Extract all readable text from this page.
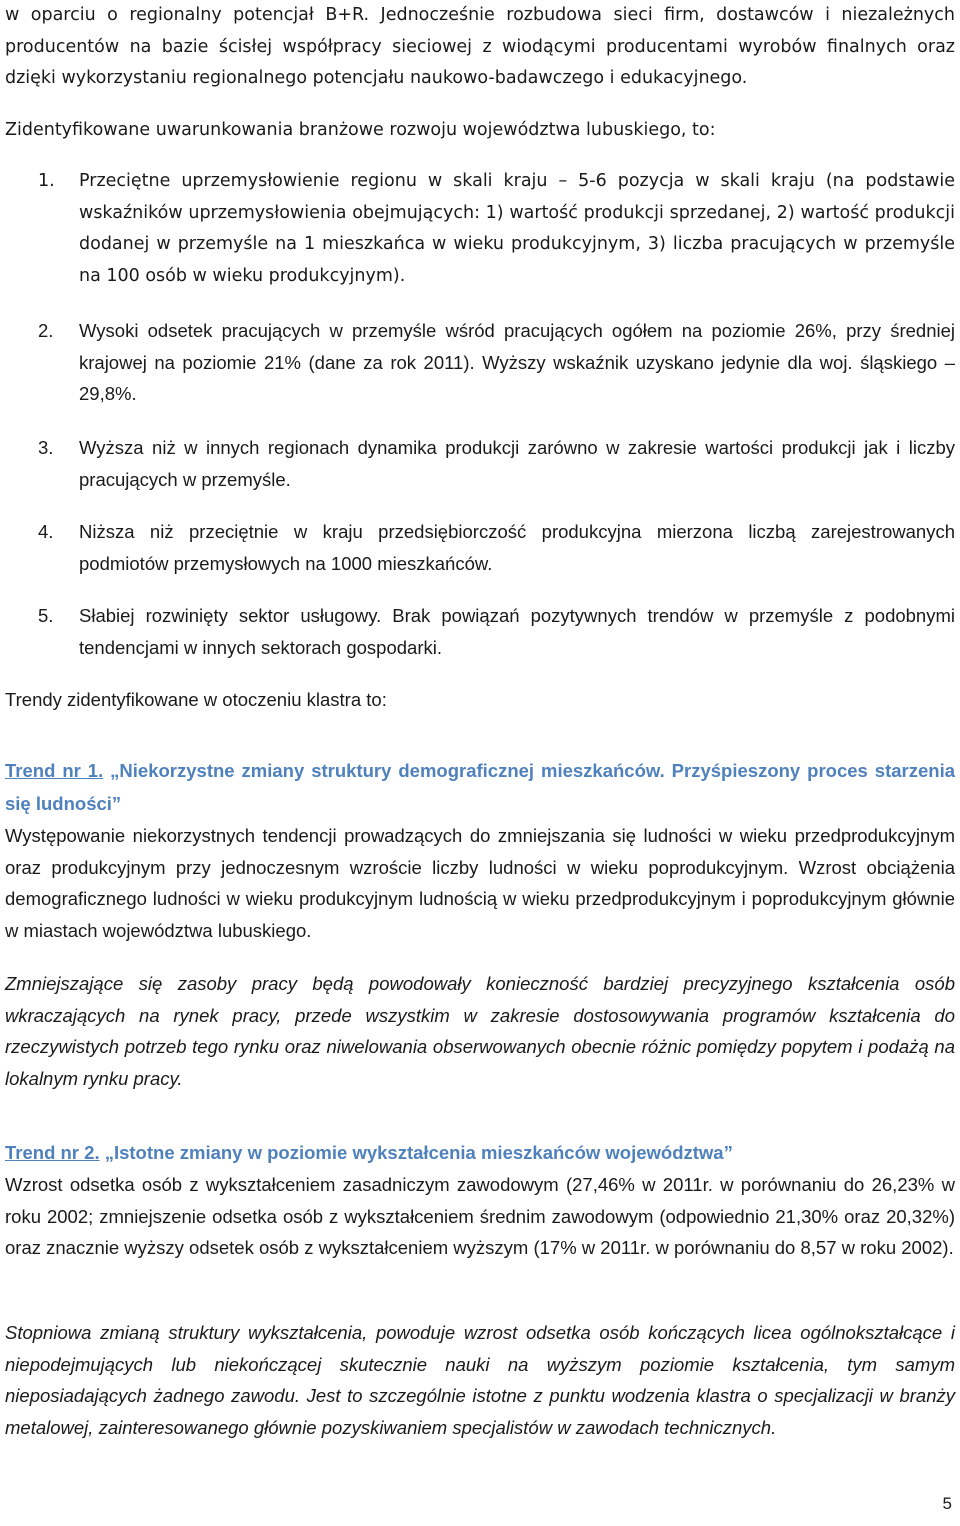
w oparciu o regionalny potencjał B+R. Jednocześnie rozbudowa sieci firm, dostawców i niezależnych producentów na bazie ścisłej współpracy sieciowej z wiodącymi producentami wyrobów finalnych oraz dzięki wykorzystaniu regionalnego potencjału naukowo-badawczego i edukacyjnego.

Zidentyfikowane uwarunkowania branżowe rozwoju województwa lubuskiego, to:

1. Przeciętne uprzemysłowienie regionu w skali kraju – 5-6 pozycja w skali kraju (na podstawie wskaźników uprzemysłowienia obejmujących: 1) wartość produkcji sprzedanej, 2) wartość produkcji dodanej w przemyśle na 1 mieszkańca w wieku produkcyjnym, 3) liczba pracujących w przemyśle na 100 osób w wieku produkcyjnym).
2. Wysoki odsetek pracujących w przemyśle wśród pracujących ogółem na poziomie 26%, przy średniej krajowej na poziomie 21% (dane za rok 2011). Wyższy wskaźnik uzyskano jedynie dla woj. śląskiego – 29,8%.
3. Wyższa niż w innych regionach dynamika produkcji zarówno w zakresie wartości produkcji jak i liczby pracujących w przemyśle.
4. Niższa niż przeciętnie w kraju przedsiębiorczość produkcyjna mierzona liczbą zarejestrowanych podmiotów przemysłowych na 1000 mieszkańców.
5. Słabiej rozwinięty sektor usługowy. Brak powiązań pozytywnych trendów w przemyśle z podobnymi tendencjami w innych sektorach gospodarki.

Trendy zidentyfikowane w otoczeniu klastra to:

Trend nr 1. „Niekorzystne zmiany struktury demograficznej mieszkańców. Przyśpieszony proces starzenia się ludności”

Występowanie niekorzystnych tendencji prowadzących do zmniejszania się ludności w wieku przedprodukcyjnym oraz produkcyjnym przy jednoczesnym wzroście liczby ludności w wieku poprodukcyjnym. Wzrost obciążenia demograficznego ludności w wieku produkcyjnym ludnością w wieku przedprodukcyjnym i poprodukcyjnym głównie w miastach województwa lubuskiego.

Zmniejszające się zasoby pracy będą powodowały konieczność bardziej precyzyjnego kształcenia osób wkraczających na rynek pracy, przede wszystkim w zakresie dostosowywania programów kształcenia do rzeczywistych potrzeb tego rynku oraz niwelowania obserwowanych obecnie różnic pomiędzy popytem i podażą na lokalnym rynku pracy.

Trend nr 2. „Istotne zmiany w poziomie wykształcenia mieszkańców województwa”

Wzrost odsetka osób z wykształceniem zasadniczym zawodowym (27,46% w 2011r. w porównaniu do 26,23% w roku 2002; zmniejszenie odsetka osób z wykształceniem średnim zawodowym (odpowiednio 21,30% oraz 20,32%) oraz znacznie wyższy odsetek osób z wykształceniem wyższym (17% w 2011r. w porównaniu do 8,57 w roku 2002).

Stopniowa zmianą struktury wykształcenia, powoduje wzrost odsetka osób kończących licea ogólnokształcące i niepodejmujących lub niekończącej skutecznie nauki na wyższym poziomie kształcenia, tym samym nieposiadających żadnego zawodu. Jest to szczególnie istotne z punktu wodzenia klastra o specjalizacji w branży metalowej, zainteresowanego głównie pozyskiwaniem specjalistów w zawodach technicznych.

5
